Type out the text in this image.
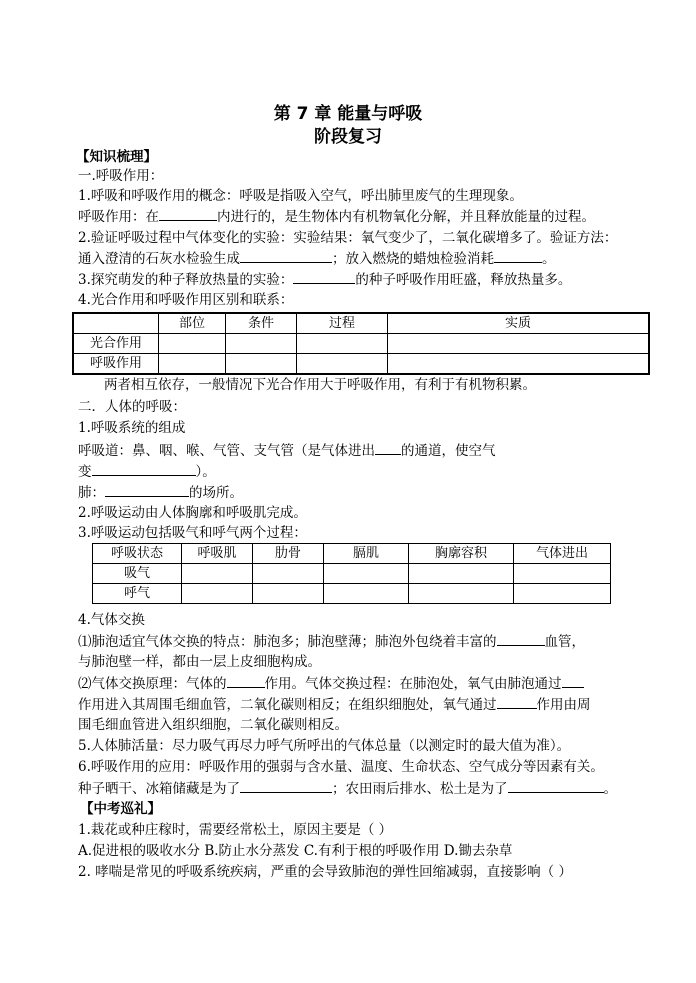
第 7 章 能量与呼吸
阶段复习
【知识梳理】
一.呼吸作用：
1.呼吸和呼吸作用的概念：呼吸是指吸入空气，呼出肺里废气的生理现象。
呼吸作用：在	内进行的，是生物体内有机物氧化分解，并且释放能量的过程。
2.验证呼吸过程中气体变化的实验：实验结果：氧气变少了，二氧化碳增多了。验证方法：
通入澄清的石灰水检验生成	；放入燃烧的蜡烛检验消耗	。
3.探究萌发的种子释放热量的实验：	的种子呼吸作用旺盛，释放热量多。
4.光合作用和呼吸作用区别和联系：
	部位	条件	过程	实质
光合作用				
呼吸作用				
两者相互依存，一般情况下光合作用大于呼吸作用，有利于有机物积累。
二．人体的呼吸：
1.呼吸系统的组成
呼吸道：鼻、咽、喉、气管、支气管（是气体进出 的通道，使空气
变	）。
肺：	的场所。
2.呼吸运动由人体胸廓和呼吸肌完成。
3.呼吸运动包括吸气和呼气两个过程：
呼吸状态	呼吸肌	肋骨	膈肌	胸廓容积	气体进出
吸气					
呼气					
4.气体交换
⑴肺泡适宜气体交换的特点：肺泡多；肺泡壁薄；肺泡外包绕着丰富的	血管，
与肺泡壁一样，都由一层上皮细胞构成。
⑵气体交换原理：气体的	作用。气体交换过程：在肺泡处，氧气由肺泡通过
作用进入其周围毛细血管，二氧化碳则相反；在组织细胞处，氧气通过	作用由周
围毛细血管进入组织细胞，二氧化碳则相反。
5.人体肺活量：尽力吸气再尽力呼气所呼出的气体总量（以测定时的最大值为准）。
6.呼吸作用的应用：呼吸作用的强弱与含水量、温度、生命状态、空气成分等因素有关。
种子晒干、冰箱储藏是为了	；农田雨后排水、松土是为了	。
【中考巡礼】
1.栽花或种庄稼时，需要经常松土，原因主要是（ ）
A.促进根的吸收水分 B.防止水分蒸发 C.有利于根的呼吸作用 D.锄去杂草
2. 哮喘是常见的呼吸系统疾病，严重的会导致肺泡的弹性回缩减弱，直接影响（ ）
